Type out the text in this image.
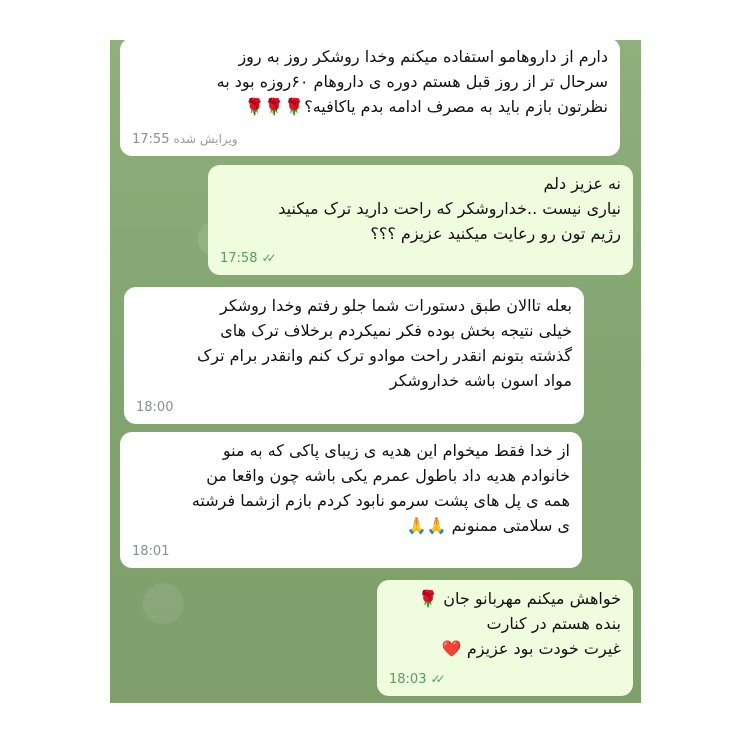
دارم از داروهامو استفاده میکنم وخدا روشکر روز به روز
سرحال تر از روز قبل هستم دوره ی داروهام ۶۰روزه بود به
نظرتون بازم باید به مصرف ادامه بدم یاکافیه؟🌹🌹🌹
17:55 ویرایش شده
نه عزیز دلم
نیاری نیست ..خداروشکر که راحت دارید ترک میکنید
رژیم تون رو رعایت میکنید عزیزم ؟؟؟
17:58 ✓✓
بعله تاالان طبق دستورات شما جلو رفتم وخدا روشکر
خیلی نتیجه بخش بوده فکر نمیکردم برخلاف ترک های
گذشته بتونم انقدر راحت موادو ترک کنم وانقدر برام ترک
مواد اسون باشه خداروشکر
18:00
از خدا فقط میخوام این هدیه ی زیبای پاکی که به منو
خانوادم هدیه داد باطول عمرم یکی باشه چون واقعا من
همه ی پل های پشت سرمو نابود کردم بازم ازشما فرشته
ی سلامتی ممنونم 🙏🙏
18:01
خواهش میکنم مهربانو جان 🌹
بنده هستم در کنارت
غیرت خودت بود عزیزم ❤️
18:03 ✓✓
